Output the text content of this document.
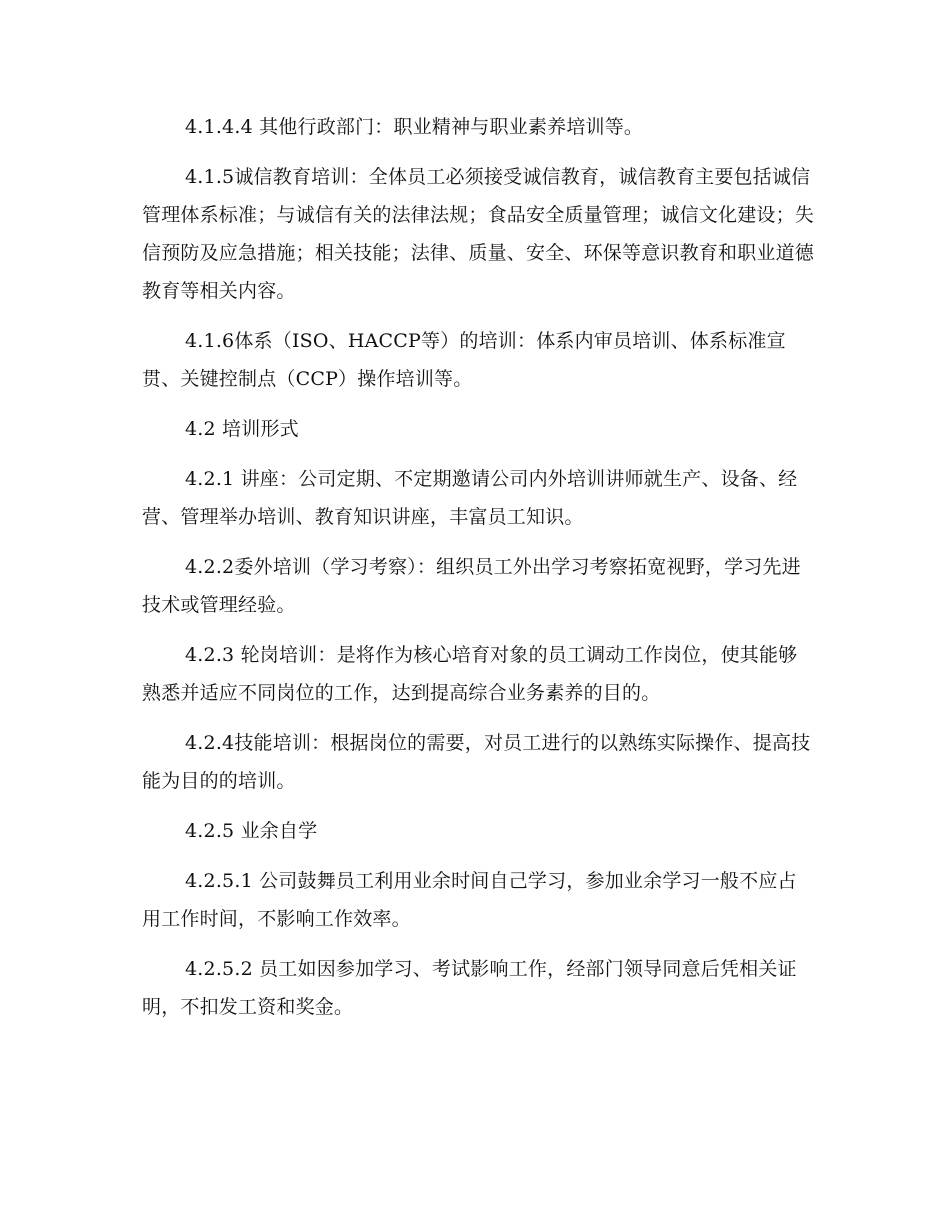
4.1.4.4 其他行政部门：职业精神与职业素养培训等。

4.1.5诚信教育培训：全体员工必须接受诚信教育，诚信教育主要包括诚信管理体系标准；与诚信有关的法律法规；食品安全质量管理；诚信文化建设；失信预防及应急措施；相关技能；法律、质量、安全、环保等意识教育和职业道德教育等相关内容。

4.1.6体系（ISO、HACCP等）的培训：体系内审员培训、体系标准宣贯、关键控制点（CCP）操作培训等。

4.2 培训形式

4.2.1 讲座：公司定期、不定期邀请公司内外培训讲师就生产、设备、经营、管理举办培训、教育知识讲座，丰富员工知识。

4.2.2委外培训（学习考察）：组织员工外出学习考察拓宽视野，学习先进技术或管理经验。

4.2.3 轮岗培训：是将作为核心培育对象的员工调动工作岗位，使其能够熟悉并适应不同岗位的工作，达到提高综合业务素养的目的。

4.2.4技能培训：根据岗位的需要，对员工进行的以熟练实际操作、提高技能为目的的培训。

4.2.5 业余自学

4.2.5.1 公司鼓舞员工利用业余时间自己学习，参加业余学习一般不应占用工作时间，不影响工作效率。

4.2.5.2 员工如因参加学习、考试影响工作，经部门领导同意后凭相关证明，不扣发工资和奖金。
